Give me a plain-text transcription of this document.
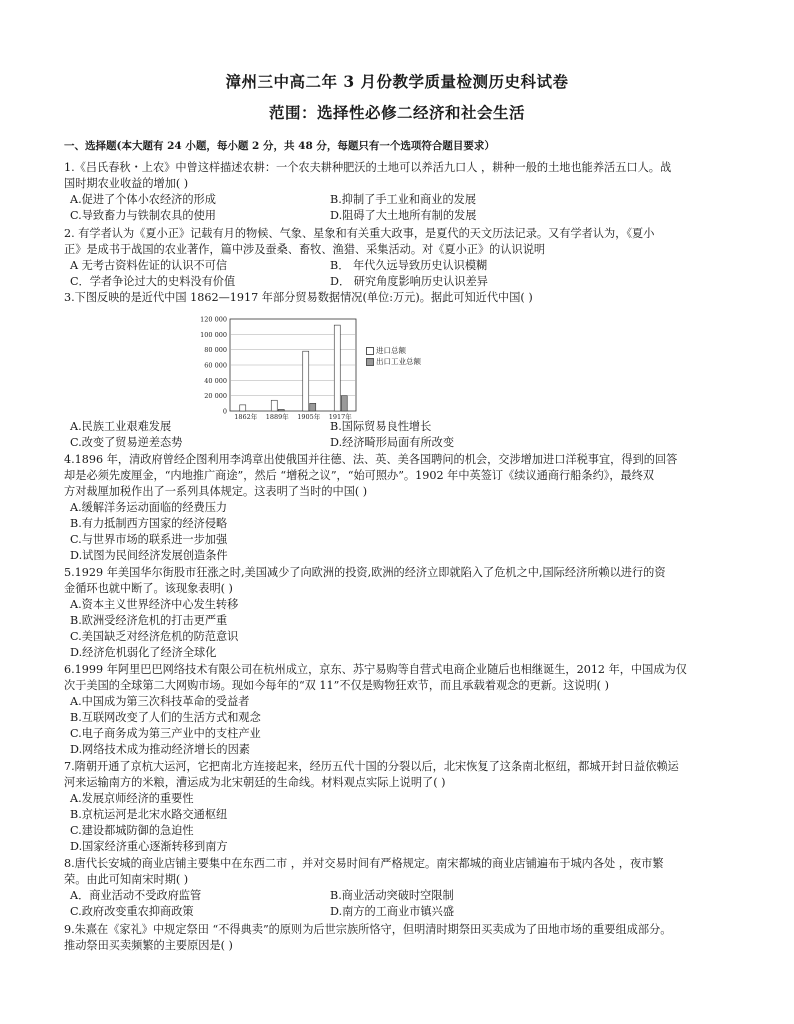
漳州三中高二年 3 月份教学质量检测历史科试卷
范围：选择性必修二经济和社会生活
一、选择题(本大题有 24 小题，每小题 2 分，共 48 分，每题只有一个选项符合题目要求）
1.《吕氏春秋・上农》中曾这样描述农耕：一个农夫耕种肥沃的土地可以养活九口人 ，耕种一般的土地也能养活五口人。战
国时期农业收益的增加( )
A.促进了个体小农经济的形成	B.抑制了手工业和商业的发展
C.导致畜力与铁制农具的使用	D.阻碍了大土地所有制的发展
2. 有学者认为《夏小正》记载有月的物候、气象、星象和有关重大政事，是夏代的天文历法记录。又有学者认为，《夏小
正》是成书于战国的农业著作，篇中涉及蚕桑、畜牧、渔猎、采集活动。对《夏小正》的认识说明
A 无考古资料佐证的认识不可信	B． 年代久远导致历史认识模糊
C．学者争论过大的史料没有价值	D． 研究角度影响历史认识差异
3.下图反映的是近代中国 1862—1917 年部分贸易数据情况(单位:万元)。据此可知近代中国( )
0
20 000
40 000
60 000
80 000
100 000
120 000
1862年 1889年 1905年 1917年
进口总额
出口工业总额
A.民族工业艰难发展	B.国际贸易良性增长
C.改变了贸易逆差态势	D.经济畸形局面有所改变
4.1896 年，清政府曾经企图利用李鸿章出使俄国并往德、法、英、美各国聘问的机会，交涉增加进口洋税事宜，得到的回答
却是必须先废厘金，“内地推广商途”，然后 “增税之议”，“始可照办”。1902 年中英签订《续议通商行船条约》，最终双
方对裁厘加税作出了一系列具体规定。这表明了当时的中国( )
A.缓解洋务运动面临的经费压力
B.有力抵制西方国家的经济侵略
C.与世界市场的联系进一步加强
D.试图为民间经济发展创造条件
5.1929 年美国华尔街股市狂涨之时,美国减少了向欧洲的投资,欧洲的经济立即就陷入了危机之中,国际经济所赖以进行的资
金循环也就中断了。该现象表明( )
A.资本主义世界经济中心发生转移
B.欧洲受经济危机的打击更严重
C.美国缺乏对经济危机的防范意识
D.经济危机弱化了经济全球化
6.1999 年阿里巴巴网络技术有限公司在杭州成立，京东、苏宁易购等自营式电商企业随后也相继诞生，2012 年，中国成为仅
次于美国的全球第二大网购市场。现如今每年的“双 11”不仅是购物狂欢节，而且承载着观念的更新。这说明( )
A.中国成为第三次科技革命的受益者
B.互联网改变了人们的生活方式和观念
C.电子商务成为第三产业中的支柱产业
D.网络技术成为推动经济增长的因素
7.隋朝开通了京杭大运河，它把南北方连接起来，经历五代十国的分裂以后，北宋恢复了这条南北枢纽，都城开封日益依赖运
河来运输南方的米粮，漕运成为北宋朝廷的生命线。材料观点实际上说明了( )
A.发展京师经济的重要性
B.京杭运河是北宋水路交通枢纽
C.建设都城防御的急迫性
D.国家经济重心逐渐转移到南方
8.唐代长安城的商业店铺主要集中在东西二市 ，并对交易时间有严格规定。南宋都城的商业店铺遍布于城内各处 ，夜市繁
荣。由此可知南宋时期( )
A．商业活动不受政府监管	B.商业活动突破时空限制
C.政府改变重农抑商政策	D.南方的工商业市镇兴盛
9.朱熹在《家礼》中规定祭田 “不得典卖”的原则为后世宗族所恪守，但明清时期祭田买卖成为了田地市场的重要组成部分。
推动祭田买卖频繁的主要原因是( )
